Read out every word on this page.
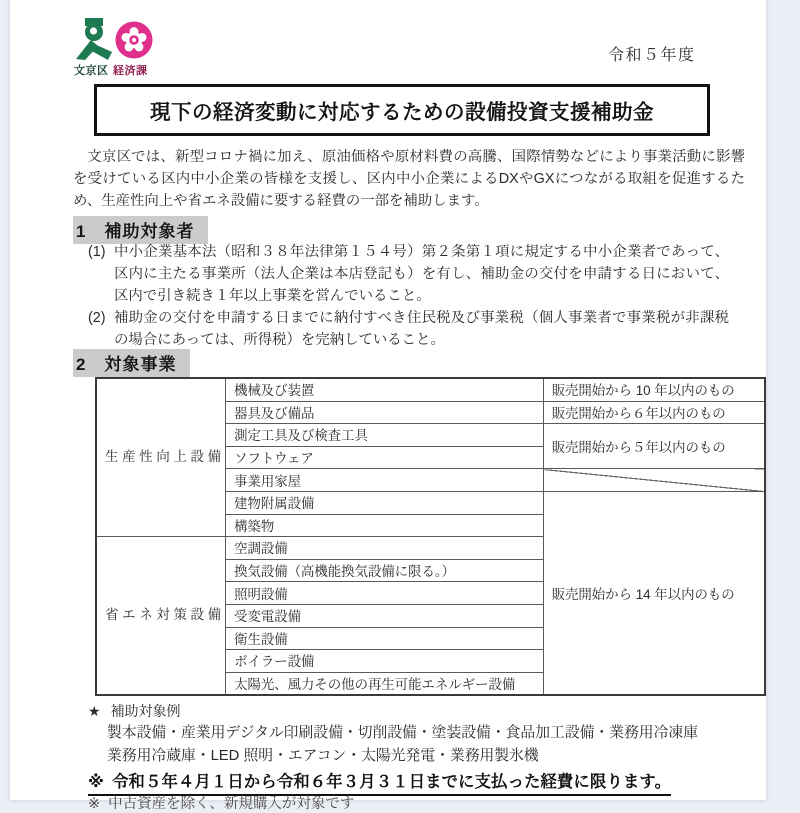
文京区 経済課
令和５年度
現下の経済変動に対応するための設備投資支援補助金
文京区では、新型コロナ禍に加え、原油価格や原材料費の高騰、国際情勢などにより事業活動に影響を受けている区内中小企業の皆様を支援し、区内中小企業によるDXやGXにつながる取組を促進するため、生産性向上や省エネ設備に要する経費の一部を補助します。
1　補助対象者
(1) 中小企業基本法（昭和３８年法律第１５４号）第２条第１項に規定する中小企業者であって、区内に主たる事業所（法人企業は本店登記も）を有し、補助金の交付を申請する日において、区内で引き続き１年以上事業を営んでいること。
(2) 補助金の交付を申請する日までに納付すべき住民税及び事業税（個人事業者で事業税が非課税の場合にあっては、所得税）を完納していること。
2　対象事業
生 産 性 向 上 設 備	機械及び装置	販売開始から 10 年以内のもの
	器具及び備品	販売開始から６年以内のもの
	測定工具及び検査工具	販売開始から５年以内のもの
	ソフトウェア	
	事業用家屋	
	建物附属設備	販売開始から 14 年以内のもの
	構築物	
省 エ ネ 対 策 設 備	空調設備	
	換気設備（高機能換気設備に限る。）	
	照明設備	
	受変電設備	
	衛生設備	
	ボイラー設備	
	太陽光、風力その他の再生可能エネルギー設備	
★ 補助対象例
製本設備・産業用デジタル印刷設備・切削設備・塗装設備・食品加工設備・業務用冷凍庫
業務用冷蔵庫・LED 照明・エアコン・太陽光発電・業務用製氷機
※ 令和５年４月１日から令和６年３月３１日までに支払った経費に限ります。
※ 中古資産を除く、新規購入が対象です
